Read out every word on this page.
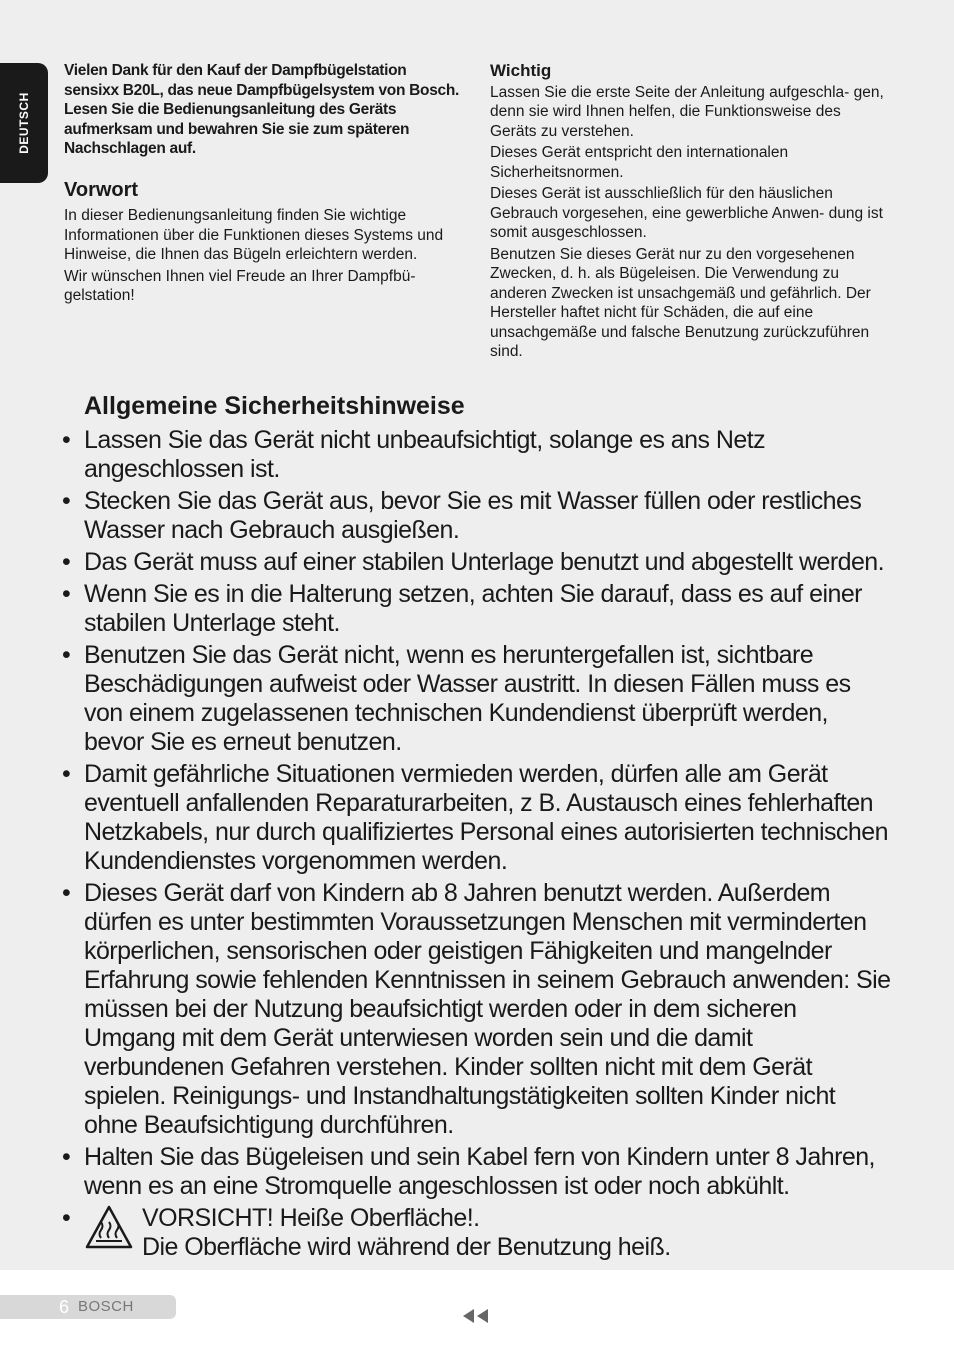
DEUTSCH

Vielen Dank für den Kauf der Dampfbügelstation sensixx B20L, das neue Dampfbügelsystem von Bosch.

Lesen Sie die Bedienungsanleitung des Geräts aufmerksam und bewahren Sie sie zum späteren Nachschlagen auf.

Vorwort

In dieser Bedienungsanleitung finden Sie wichtige Informationen über die Funktionen dieses Systems und Hinweise, die Ihnen das Bügeln erleichtern werden.

Wir wünschen Ihnen viel Freude an Ihrer Dampfbü- gelstation!

Wichtig

Lassen Sie die erste Seite der Anleitung aufgeschla- gen, denn sie wird Ihnen helfen, die Funktionsweise des Geräts zu verstehen.

Dieses Gerät entspricht den internationalen Sicherheitsnormen.

Dieses Gerät ist ausschließlich für den häuslichen Gebrauch vorgesehen, eine gewerbliche Anwen- dung ist somit ausgeschlossen.

Benutzen Sie dieses Gerät nur zu den vorgesehenen Zwecken, d. h. als Bügeleisen. Die Verwendung zu anderen Zwecken ist unsachgemäß und gefährlich. Der Hersteller haftet nicht für Schäden, die auf eine unsachgemäße und falsche Benutzung zurückzuführen sind.

Allgemeine Sicherheitshinweise
• Lassen Sie das Gerät nicht unbeaufsichtigt, solange es ans Netz angeschlossen ist.
• Stecken Sie das Gerät aus, bevor Sie es mit Wasser füllen oder restliches Wasser nach Gebrauch ausgießen.
• Das Gerät muss auf einer stabilen Unterlage benutzt und abgestellt werden.
• Wenn Sie es in die Halterung setzen, achten Sie darauf, dass es auf einer stabilen Unterlage steht.
• Benutzen Sie das Gerät nicht, wenn es heruntergefallen ist, sichtbare Beschädigungen aufweist oder Wasser austritt. In diesen Fällen muss es von einem zugelassenen technischen Kundendienst überprüft werden, bevor Sie es erneut benutzen.
• Damit gefährliche Situationen vermieden werden, dürfen alle am Gerät eventuell anfallenden Reparaturarbeiten, z B. Austausch eines fehlerhaften Netzkabels, nur durch qualifiziertes Personal eines autorisierten technischen Kundendienstes vorgenommen werden.
• Dieses Gerät darf von Kindern ab 8 Jahren benutzt werden. Außerdem dürfen es unter bestimmten Voraussetzungen Menschen mit verminderten körperlichen, sensorischen oder geistigen Fähigkeiten und mangelnder Erfahrung sowie fehlenden Kenntnissen in seinem Gebrauch anwenden: Sie müssen bei der Nutzung beaufsichtigt werden oder in dem sicheren Umgang mit dem Gerät unterwiesen worden sein und die damit verbundenen Gefahren verstehen. Kinder sollten nicht mit dem Gerät spielen. Reinigungs- und Instandhaltungstätigkeiten sollten Kinder nicht ohne Beaufsichtigung durchführen.
• Halten Sie das Bügeleisen und sein Kabel fern von Kindern unter 8 Jahren, wenn es an eine Stromquelle angeschlossen ist oder noch abkühlt.
• VORSICHT! Heiße Oberfläche!.
Die Oberfläche wird während der Benutzung heiß.
6 BOSCH
